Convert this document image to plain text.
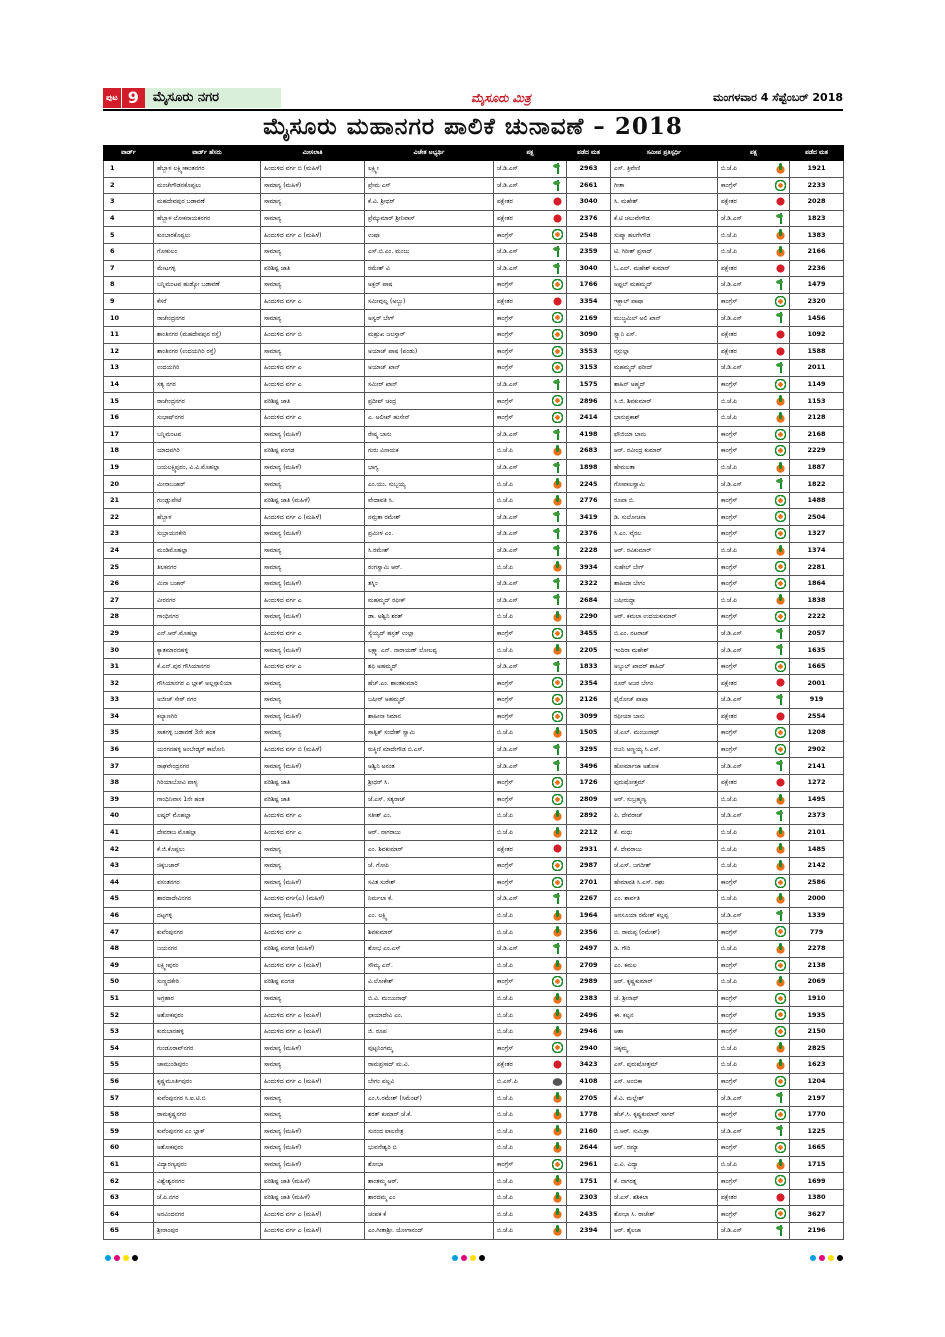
ಪುಟ 9	ಮೈಸೂರು ನಗರ	ಮೈಸೂರು ಮಿತ್ರ	ಮಂಗಳವಾರ 4 ಸೆಪ್ಟೆಂಬರ್ 2018
ಮೈಸೂರು ಮಹಾನಗರ ಪಾಲಿಕೆ ಚುನಾವಣೆ – 2018
ವಾರ್ಡ್	ವಾರ್ಡ್ ಹೆಸರು	ಮೀಸಲಾತಿ	ವಿಜೇತ ಅಭ್ಯರ್ಥಿ	ಪಕ್ಷ	ಪಡೆದ ಮತ	ಸಮೀಪ ಪ್ರತಿಸ್ಪರ್ಧಿ	ಪಕ್ಷ	ಪಡೆದ ಮತ
1	ಹೆಬ್ಬಾಳ ಲಕ್ಷ್ಮೀಕಾಂತನಗರ	ಹಿಂದುಳಿದ ವರ್ಗ ಬಿ (ಮಹಿಳೆ)	ಲಕ್ಷ್ಮೀ	ಜೆ.ಡಿ.ಎಸ್	2963	ಎಸ್. ತ್ರಿವೇಣಿ	ಬಿ.ಜೆ.ಪಿ	1921
2	ಮಂಚೇಗೌಡನಕೊಪ್ಪಲು	ಸಾಮಾನ್ಯ (ಮಹಿಳೆ)	ಪ್ರೇಮ ಎಸ್	ಜೆ.ಡಿ.ಎಸ್	2661	ಗೀತಾ	ಕಾಂಗ್ರೆಸ್	2233
3	ಮಹದೇವಪುರ ಬಡಾವಣೆ	ಸಾಮಾನ್ಯ	ಕೆ.ವಿ. ಶ್ರೀಧರ್	ಪಕ್ಷೇತರ	3040	ಸಿ. ಮಹೇಶ್	ಪಕ್ಷೇತರ	2028
4	ಹೆಬ್ಬಾಳ ಲೋಕನಾಯಕನಗರ	ಸಾಮಾನ್ಯ	ಪ್ರೆಮ್ಕುಮಾರ್ ಶ್ರೀನಿವಾಸ್	ಪಕ್ಷೇತರ	2376	ಕೆ.ಟಿ ಚಲುವೇಗೌಡ	ಜೆ.ಡಿ.ಎಸ್	1823
5	ಕುಂಬಾರಕೊಪ್ಪಲು	ಹಿಂದುಳಿದ ವರ್ಗ ಎ (ಮಹಿಳೆ)	ಉಷಾ	ಕಾಂಗ್ರೆಸ್	2548	ಸುಷ್ಮಾ ಹಲಗೇಗೌಡ	ಬಿ.ಜೆ.ಪಿ	1383
6	ಗೋಕುಲಂ	ಸಾಮಾನ್ಯ	ಎಸ್.ಬಿ.ಎಂ. ಮಂಜು	ಜೆ.ಡಿ.ಎಸ್	2359	ಟಿ. ಗಿರೀಶ್ ಪ್ರಸಾದ್	ಬಿ.ಜೆ.ಪಿ	2166
7	ಮೇಟಗಳ್ಳಿ	ಪರಿಶಿಷ್ಟ ಜಾತಿ	ರಮೇಶ್ ವಿ	ಜೆ.ಡಿ.ಎಸ್	3040	ಓ.ಎಲ್. ಮಹೇಶ್ ಕುಮಾರ್	ಪಕ್ಷೇತರ	2236
8	ಬನ್ನಿಮಂಟಪ ಹುಡ್ಕೋ ಬಡಾವಣೆ	ಸಾಮಾನ್ಯ	ಅಕ್ಬರ್ ಪಾಷ	ಕಾಂಗ್ರೆಸ್	1766	ಅಫ್ಜಲ್ ಮಹಮ್ಮದ್	ಜೆ.ಡಿ.ಎಸ್	1479
9	ಕೆಸರೆ	ಹಿಂದುಳಿದ ವರ್ಗ ಎ	ಸಮೀವುಲ್ಲ (ಅಬ್ಬು)	ಪಕ್ಷೇತರ	3354	ಇಕ್ಬಾಲ್ ಪಾಷಾ	ಕಾಂಗ್ರೆಸ್	2320
10	ರಾಜೇಂದ್ರನಗರ	ಸಾಮಾನ್ಯ	ಅಸ್ವರ್ ಬೇಗ್	ಕಾಂಗ್ರೆಸ್	2169	ಮುಜ್ಜಮಿಲ್ ಅಲಿ ಖಾನ್	ಜೆ.ಡಿ.ಎಸ್	1456
11	ಶಾಂತಿನಗರ (ಮಹದೇವಪುರ ರಸ್ತೆ)	ಹಿಂದುಳಿದ ವರ್ಗ ಬಿ	ಮಹ್ರುಖ ಜಲಸ್ತಾರ್	ಕಾಂಗ್ರೆಸ್	3090	ಸ್ಪ್ಯಾನಿ ಎಸ್.	ಪಕ್ಷೇತರ	1092
12	ಶಾಂತಿನಗರ (ಉದಯಗಿರಿ ರಸ್ತೆ)	ಸಾಮಾನ್ಯ	ಅಯಾಜ್ ಪಾಷ (ಪಂಡು)	ಕಾಂಗ್ರೆಸ್	3553	ನಸ್ರುಲ್ಲಾ	ಪಕ್ಷೇತರ	1588
13	ಉದಯಗಿರಿ	ಹಿಂದುಳಿದ ವರ್ಗ ಎ	ಅಯಾಜ್ ಖಾನ್	ಕಾಂಗ್ರೆಸ್	3153	ಮಹಮ್ಮದ್ ಫರೀದ್	ಜೆ.ಡಿ.ಎಸ್	2011
14	ಸತ್ಯ ನಗರ	ಹಿಂದುಳಿದ ವರ್ಗ ಎ	ಸಮೀರ್ ಖಾನ್	ಜೆ.ಡಿ.ಎಸ್	1575	ಶಾಹಿನ್ ಅಹ್ಮದ್	ಕಾಂಗ್ರೆಸ್	1149
15	ರಾಜೇಂದ್ರನಗರ	ಪರಿಶಿಷ್ಟ ಜಾತಿ	ಪ್ರದೀಪ್ ಚಂದ್ರ	ಕಾಂಗ್ರೆಸ್	2896	ಸಿ.ಜಿ. ಶಿವಕುಮಾರ್	ಬಿ.ಜೆ.ಪಿ	1153
16	ಸುಭಾಷ್‌ನಗರ	ಹಿಂದುಳಿದ ವರ್ಗ ಎ	ಎ. ಅಲೀಖ್ ಹುಸೇನ್	ಕಾಂಗ್ರೆಸ್	2414	ಭಾನುಪ್ರಕಾಶ್	ಬಿ.ಜೆ.ಪಿ	2128
17	ಬನ್ನಿಮಂಟಪ	ಸಾಮಾನ್ಯ (ಮಹಿಳೆ)	ರೇಷ್ಮ ಬಾನು	ಜೆ.ಡಿ.ಎಸ್	4198	ಫೌಜಿಯಾ ಬಾನು	ಕಾಂಗ್ರೆಸ್	2168
18	ಯಾದವಗಿರಿ	ಪರಿಶಿಷ್ಟ ಪಂಗಡ	ಗುರು ವಿನಾಯಕ	ಬಿ.ಜೆ.ಪಿ	2683	ಆರ್. ರವೀಂದ್ರ ಕುಮಾರ್	ಕಾಂಗ್ರೆಸ್	2229
19	ಜಯಲಕ್ಷ್ಮಿಪುರಂ, ವಿ.ವಿ.ಮೊಹಲ್ಲಾ	ಸಾಮಾನ್ಯ (ಮಹಿಳೆ)	ಭಾಗ್ಯ	ಜೆ.ಡಿ.ಎಸ್	1898	ಹೇಮಲತಾ	ಬಿ.ಜೆ.ಪಿ	1887
20	ಮೀನಾಬಜಾರ್	ಸಾಮಾನ್ಯ	ಎಂ.ಯು. ಸುಬ್ಬಯ್ಯ	ಬಿ.ಜೆ.ಪಿ	2245	ಗೋಪಾಲಸ್ವಾಮಿ	ಜೆ.ಡಿ.ಎಸ್	1822
21	ಗುಂಡ್ಲುಪೇಟೆ	ಪರಿಶಿಷ್ಟ ಜಾತಿ (ಮಹಿಳೆ)	ವೇದಾವತಿ ಸಿ.	ಬಿ.ಜೆ.ಪಿ	2776	ರೂಪಾ ಬಿ.	ಕಾಂಗ್ರೆಸ್	1488
22	ಹೆಬ್ಬಾಳ	ಹಿಂದುಳಿದ ವರ್ಗ ಎ (ಮಹಿಳೆ)	ನಮ್ರತಾ ರಮೇಶ್	ಜೆ.ಡಿ.ಎಸ್	3419	ಡಿ. ಸುಲೋಚನಾ	ಕಾಂಗ್ರೆಸ್	2504
23	ಸುಬ್ರಾಯನಕೇರಿ	ಸಾಮಾನ್ಯ (ಮಹಿಳೆ)	ಪ್ರಮೀಳ ಎಂ.	ಜೆ.ಡಿ.ಎಸ್	2376	ಸಿ.ಎಂ. ವೈರಲ	ಕಾಂಗ್ರೆಸ್	1327
24	ಮಂಡಿಮೊಹಲ್ಲಾ	ಸಾಮಾನ್ಯ	ಸಿ.ರಮೇಶ್	ಜೆ.ಡಿ.ಎಸ್	2228	ಆರ್. ರವಿಕುಮಾರ್	ಬಿ.ಜೆ.ಪಿ	1374
25	ತಿಲಕನಗರ	ಸಾಮಾನ್ಯ	ರಂಗಸ್ವಾಮಿ ಆರ್.	ಬಿ.ಜೆ.ಪಿ	3934	ಸುಹೇಲ್ ಬೇಗ್	ಕಾಂಗ್ರೆಸ್	2281
26	ಮಿನಾ ಬಜಾರ್	ಸಾಮಾನ್ಯ (ಮಹಿಳೆ)	ತಸ್ನಿಂ	ಜೆ.ಡಿ.ಎಸ್	2322	ಶಾಹೀದಾ ಬೇಗಂ	ಕಾಂಗ್ರೆಸ್	1864
27	ವೀರನಗರ	ಹಿಂದುಳಿದ ವರ್ಗ ಎ	ಮಹಮ್ಮದ್ ರಫೀಕ್	ಜೆ.ಡಿ.ಎಸ್	2684	ಬಷೀರುದ್ದಾ	ಬಿ.ಜೆ.ಪಿ	1838
28	ಗಾಂಧಿನಗರ	ಸಾಮಾನ್ಯ (ಮಹಿಳೆ)	ಡಾ. ಅಶ್ವಿನಿ ಶರತ್	ಬಿ.ಜೆ.ಪಿ	2290	ಆರ್. ಕಮಲಾ ಉದಯಕುಮಾರ್	ಕಾಂಗ್ರೆಸ್	2222
29	ಎನ್.ಆರ್.ಮೊಹಲ್ಲಾ	ಹಿಂದುಳಿದ ವರ್ಗ ಎ	ಸ್ಯೆಯ್ಯದ್ ಹಸ್ರತ್ ಉಲ್ಲಾ	ಕಾಂಗ್ರೆಸ್	3455	ಬಿ.ಎಂ. ನಟರಾಜ್	ಜೆ.ಡಿ.ಎಸ್	2057
30	ಕ್ಯಾತಮಾರನಹಳ್ಳಿ	ಸಾಮಾನ್ಯ (ಮಹಿಳೆ)	ಲಕ್ಷ್ಮಾ ಎನ್. ನಾರಾಯಣ್ ಲೋಲಪ್ಪ	ಬಿ.ಜೆ.ಪಿ	2205	ಇಂದಿರಾ ಮಹೇಶ್	ಜೆ.ಡಿ.ಎಸ್	1635
31	ಕೆ.ಎನ್.ಪುರ ಗೌಸಿಯಾನಗರ	ಹಿಂದುಳಿದ ವರ್ಗ ಎ	ಶಫಿ ಅಹಮ್ಮದ್	ಜೆ.ಡಿ.ಎಸ್	1833	ಅಬ್ದುಲ್ ಖಾದರ್ ಶಾಹಿದ್	ಕಾಂಗ್ರೆಸ್	1665
32	ಗೌಸಿಯಾನಗರ ಎ ಬ್ಲಾಕ್ ಅಲ್ಲಸ್ಸಾಲಿಯಾ	ಸಾಮಾನ್ಯ	ಹೆಚ್.ಎಂ. ಶಾಂತಕುಮಾರಿ	ಕಾಂಗ್ರೆಸ್	2354	ನೂರ್ ಅಜರ ಬೇಗಂ	ಪಕ್ಷೇತರ	2001
33	ಅಜೀಜ್ ಸೇಠ್ ನಗರ	ಸಾಮಾನ್ಯ	ಬಷೀರ್ ಅಹಮ್ಮದ್	ಕಾಂಗ್ರೆಸ್	2126	ಫೈರೋಜ್ ಪಾಷಾ	ಜೆ.ಡಿ.ಎಸ್	919
34	ಕಲ್ಯಾಣಗಿರಿ	ಸಾಮಾನ್ಯ (ಮಹಿಳೆ)	ಶಾಹೀನಾ ಸಿಮಾನ	ಕಾಂಗ್ರೆಸ್	3099	ರಫೀಯಾ ಬಾನು	ಪಕ್ಷೇತರ	2554
35	ಸಾತಗಳ್ಳಿ ಬಡಾವಣೆ 3ನೇ ಹಂತ	ಸಾಮಾನ್ಯ	ಸಾತ್ವಿಕ್ ಸಂದೇಶ್ ಸ್ವಾಮಿ	ಬಿ.ಜೆ.ಪಿ	1505	ಜೆ.ಎಲ್. ಮಂಜುನಾಥ್	ಕಾಂಗ್ರೆಸ್	1208
36	ಯರಗನಹಳ್ಳಿ ಅಂಬೇಡ್ಕರ್ ಕಾಲೋನಿ	ಹಿಂದುಳಿದ ವರ್ಗ ಬಿ (ಮಹಿಳೆ)	ರುಕ್ಮಿಣಿ ಮಾದೇಗೌಡ ಬಿ.ಎಸ್.	ಜೆ.ಡಿ.ಎಸ್	3295	ರಜನಿ ಅಣ್ಣಯ್ಯ ಸಿ.ಎಸ್.	ಕಾಂಗ್ರೆಸ್	2902
37	ರಾಘವೇಂದ್ರನಗರ	ಸಾಮಾನ್ಯ (ಮಹಿಳೆ)	ಅಶ್ವಿನಿ ಅನಂತ	ಜೆ.ಡಿ.ಎಸ್	3496	ಹೋರ್ಮಾಜಾ ಅಶೋಕ	ಜೆ.ಡಿ.ಎಸ್	2141
38	ಗಿರಿಯಾಬೋವಿ ಪಾಳ್ಯ	ಪರಿಶಿಷ್ಟ ಜಾತಿ	ಶ್ರೀಧರ್ ಸಿ.	ಕಾಂಗ್ರೆಸ್	1726	ಪುರುಷೋತ್ತಮ್	ಪಕ್ಷೇತರ	1272
39	ಗಾಂಧಿನಿವಾಸ 1ನೇ ಹಂತ	ಪರಿಶಿಷ್ಟ ಜಾತಿ	ಜೆ.ಎಸ್. ಸತ್ಯರಾಜ್	ಕಾಂಗ್ರೆಸ್	2809	ಆರ್. ಸುಬ್ರಹ್ಮಣ್ಯ	ಬಿ.ಜೆ.ಪಿ	1495
40	ಲಷ್ಕರ್ ಮೊಹಲ್ಲಾ	ಹಿಂದುಳಿದ ವರ್ಗ ಎ	ಸತೀಶ್ ಎಂ.	ಬಿ.ಜೆ.ಪಿ	2892	ಪಿ. ದೇವರಾಜ್	ಜೆ.ಡಿ.ಎಸ್	2373
41	ದೇವರಾಜ ಮೊಹಲ್ಲಾ	ಹಿಂದುಳಿದ ವರ್ಗ ಎ	ಆರ್. ನಾಗರಾಜು	ಬಿ.ಜೆ.ಪಿ	2212	ಕೆ. ಮಧು	ಬಿ.ಜೆ.ಪಿ	2101
42	ಕೆ.ಜಿ.ಕೊಪ್ಪಲು	ಸಾಮಾನ್ಯ	ಎಂ. ಶಿವಕುಮಾರ್	ಪಕ್ಷೇತರ	2931	ಕೆ. ದೇವರಾಜು	ಬಿ.ಜೆ.ಪಿ	1485
43	ಚಿಕ್ಕಬಜಾರ್	ಸಾಮಾನ್ಯ	ಜೆ. ಗೋಪಿ	ಕಾಂಗ್ರೆಸ್	2987	ಜೆ.ಎಸ್. ಜಗದೀಶ್	ಬಿ.ಜೆ.ಪಿ	2142
44	ವಸಂತನಗರ	ಸಾಮಾನ್ಯ (ಮಹಿಳೆ)	ಸವಿತ ಸುರೇಶ್	ಕಾಂಗ್ರೆಸ್	2701	ಹೇಮಾವತಿ ಸಿ.ಎಸ್. ರಘು	ಕಾಂಗ್ರೆಸ್	2586
45	ಶಾರದಾದೇವಿನಗರ	ಹಿಂದುಳಿದ ವರ್ಗ(ಎ) (ಮಹಿಳೆ)	ನಿರ್ಮಲಾ ಕೆ.	ಜೆ.ಡಿ.ಎಸ್	2267	ಎಂ. ಶಾರ್ವತಿ	ಬಿ.ಜೆ.ಪಿ	2000
46	ದಟ್ಟಗಳ್ಳಿ	ಸಾಮಾನ್ಯ (ಮಹಿಳೆ)	ಎಂ. ಲಕ್ಷ್ಮಿ	ಬಿ.ಜೆ.ಪಿ	1964	ಅನಸೂಯಾ ರಮೇಶ್ ಕಲ್ಲಪ್ಪ	ಜೆ.ಡಿ.ಎಸ್	1339
47	ಕುವೆಂಪುನಗರ	ಹಿಂದುಳಿದ ವರ್ಗ ಎ	ಶಿವಕುಮಾರ್	ಬಿ.ಜೆ.ಪಿ	2356	ಬಿ. ರಾಮಪ್ಪ (ರಮೇಶ್)	ಕಾಂಗ್ರೆಸ್	779
48	ಜಯನಗರ	ಪರಿಶಿಷ್ಟ ಪಂಗಡ (ಮಹಿಳೆ)	ಶೋಭ ಎಂ.ಎಸ್	ಜೆ.ಡಿ.ಎಸ್	2497	ಡಿ. ಗೌರಿ	ಬಿ.ಜೆ.ಪಿ	2278
49	ಲಕ್ಷ್ಮೀಪುರಂ	ಹಿಂದುಳಿದ ವರ್ಗ ಎ (ಮಹಿಳೆ)	ಸೌಮ್ಯ ಎನ್.	ಬಿ.ಜೆ.ಪಿ	2709	ಎಂ. ಕಮಲ	ಕಾಂಗ್ರೆಸ್	2138
50	ಸುಣ್ಣದಕೇರಿ	ಪರಿಶಿಷ್ಟ ಪಂಗಡ	ವಿ.ಲೋಕೇಶ್	ಕಾಂಗ್ರೆಸ್	2989	ಆರ್. ಕೃಷ್ಣಕುಮಾರ್	ಬಿ.ಜೆ.ಪಿ	2069
51	ಅಗ್ರಹಾರ	ಸಾಮಾನ್ಯ	ಬಿ.ವಿ. ಮಂಜುನಾಥ್	ಬಿ.ಜೆ.ಪಿ	2383	ಜೆ. ಶ್ರೀನಾಥ್	ಕಾಂಗ್ರೆಸ್	1910
52	ಅಶೋಕಪುರಂ	ಹಿಂದುಳಿದ ವರ್ಗ ಎ (ಮಹಿಳೆ)	ಛಾಯಾದೇವಿ ಎಂ.	ಬಿ.ಜೆ.ಪಿ	2496	ಈ. ಕಲ್ಪನ	ಕಾಂಗ್ರೆಸ್	1935
53	ಕುರುಬಾರಹಳ್ಳಿ	ಹಿಂದುಳಿದ ವರ್ಗ ಎ (ಮಹಿಳೆ)	ಜಿ. ರೂಪ	ಬಿ.ಜೆ.ಪಿ	2946	ಆಶಾ	ಕಾಂಗ್ರೆಸ್	2150
54	ಗುಂಡೂರಾವ್‌ನಗರ	ಸಾಮಾನ್ಯ (ಮಹಿಳೆ)	ಪುಟ್ಟನಿಂಗಮ್ಮ	ಕಾಂಗ್ರೆಸ್	2940	ಚಿಕ್ಕಮ್ಮ	ಬಿ.ಜೆ.ಪಿ	2825
55	ಚಾಮುಂಡಿಪುರಂ	ಸಾಮಾನ್ಯ	ರಾಮಪ್ರಸಾದ್ ಮ.ವಿ.	ಪಕ್ಷೇತರ	3423	ಎಸ್. ಪುರುಷೋತ್ತಮ್	ಬಿ.ಜೆ.ಪಿ	1623
56	ಕೃಷ್ಣಮೂರ್ತಿಪುರಂ	ಹಿಂದುಳಿದ ವರ್ಗ ಎ (ಮಹಿಳೆ)	ಬೇಗಂ ಪಲ್ಲವಿ	ಬಿ.ಎಸ್.ಪಿ	4108	ಎಸ್. ಅಂಬಿಕಾ	ಕಾಂಗ್ರೆಸ್	1204
57	ಕುವೆಂಪುನಗರ ಸಿ.ಐ.ಟಿ.ಬಿ	ಸಾಮಾನ್ಯ	ಎಂ.ಸಿ.ರಮೇಶ್ (ಸಿಮೆಂಟ್)	ಬಿ.ಜೆ.ಪಿ	2705	ಕೆ.ವಿ. ಮಲ್ಲೇಶ್	ಜೆ.ಡಿ.ಎಸ್	2197
58	ರಾಮಕೃಷ್ಣನಗರ	ಸಾಮಾನ್ಯ	ಶರತ್ ಕುಮಾರ್ ಜೆ.ಕೆ.	ಬಿ.ಜೆ.ಪಿ	1778	ಹೆಚ್.ಸಿ. ಕೃಷ್ಣಕುಮಾರ್ ಸಾಗರ್	ಕಾಂಗ್ರೆಸ್	1770
59	ಕುವೆಂಪುನಗರ ಎಂ ಬ್ಲಾಕ್	ಸಾಮಾನ್ಯ (ಮಹಿಳೆ)	ಸುನಂದ ಪಾಲನೇತ್ರ	ಬಿ.ಜೆ.ಪಿ	2160	ಬಿ.ಆರ್. ಸುಮಿತ್ರಾ	ಜೆ.ಡಿ.ಎಸ್	1225
60	ಅಶೋಕಪುರಂ	ಸಾಮಾನ್ಯ (ಮಹಿಳೆ)	ಭುವನೇಶ್ವರಿ ಬಿ	ಬಿ.ಜೆ.ಪಿ	2644	ಆರ್. ರಮ್ಯಾ	ಕಾಂಗ್ರೆಸ್	1665
61	ವಿದ್ಯಾರಣ್ಯಪುರಂ	ಸಾಮಾನ್ಯ (ಮಹಿಳೆ)	ಶೋಭಾ	ಕಾಂಗ್ರೆಸ್	2961	ಎ.ವಿ. ವಿದ್ಯಾ	ಬಿ.ಜೆ.ಪಿ	1715
62	ವಿಶ್ವೇಶ್ವರನಗರ	ಪರಿಶಿಷ್ಟ ಜಾತಿ (ಮಹಿಳೆ)	ಶಾಂತಮ್ಮ ಆರ್.	ಬಿ.ಜೆ.ಪಿ	1751	ಕೆ. ನಾಗರತ್ನ	ಕಾಂಗ್ರೆಸ್	1699
63	ಜೆ.ಪಿ.ನಗರ	ಪರಿಶಿಷ್ಟ ಜಾತಿ (ಮಹಿಳೆ)	ಶಾರದಮ್ಮ ಎಂ	ಬಿ.ಜೆ.ಪಿ	2303	ಜೆ.ಎಸ್. ಶಶಿಕಲಾ	ಪಕ್ಷೇತರ	1380
64	ಅರವಿಂದನಗರ	ಹಿಂದುಳಿದ ವರ್ಗ ಎ (ಮಹಿಳೆ)	ಚಂಪಕ ಕೆ	ಬಿ.ಜೆ.ಪಿ	2435	ಶೋಭಾ ಸಿ. ರಾಜೇಶ್	ಕಾಂಗ್ರೆಸ್	3627
65	ಶ್ರೀರಾಂಪುರ	ಹಿಂದುಳಿದ ವರ್ಗ ಎ (ಮಹಿಳೆ)	ಎಂ.ಗೀತಾಶ್ರೀ. ಯೋಗಾನಂದ್	ಬಿ.ಜೆ.ಪಿ	2394	ಆರ್. ಶೈಲಜಾ	ಜೆ.ಡಿ.ಎಸ್	2196
